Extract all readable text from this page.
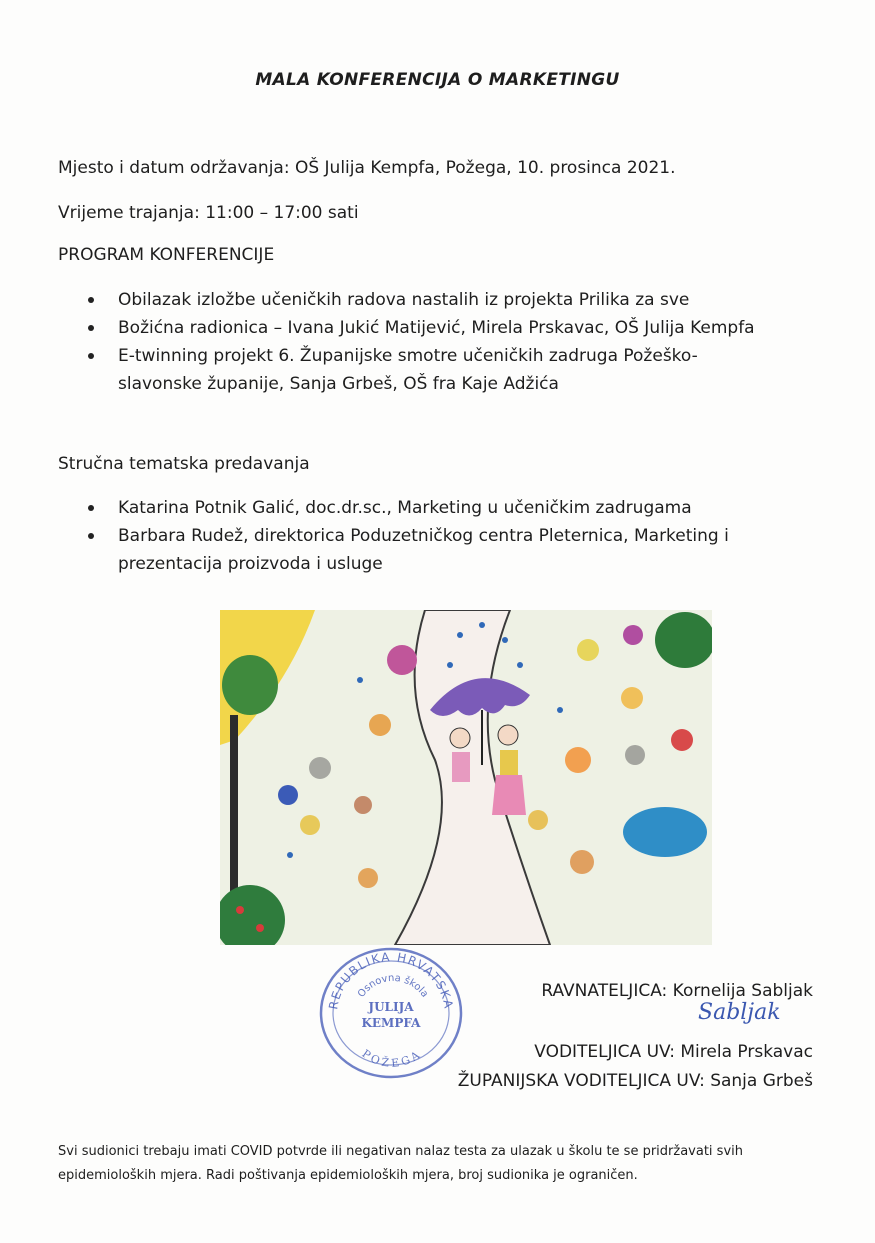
MALA KONFERENCIJA O MARKETINGU

Mjesto i datum održavanja: OŠ Julija Kempfa, Požega, 10. prosinca 2021.

Vrijeme trajanja: 11:00 – 17:00 sati

PROGRAM KONFERENCIJE

Obilazak izložbe učeničkih radova nastalih iz projekta Prilika za sve
Božićna radionica – Ivana Jukić Matijević, Mirela Prskavac, OŠ Julija Kempfa
E-twinning projekt 6. Županijske smotre učeničkih zadruga Požeško-slavonske županije, Sanja Grbeš, OŠ fra Kaje Adžića

Stručna tematska predavanja

Katarina Potnik Galić, doc.dr.sc., Marketing u učeničkim zadrugama
Barbara Rudež, direktorica Poduzetničkog centra Pleternica, Marketing i prezentacija proizvoda i usluge
REPUBLIKA HRVATSKA
Osnovna škola
JULIJA
KEMPFA
POŽEGA
RAVNATELJICA: Kornelija Sabljak
Sabljak
VODITELJICA UV: Mirela Prskavac
ŽUPANIJSKA VODITELJICA UV: Sanja Grbeš

Svi sudionici trebaju imati COVID potvrde ili negativan nalaz testa za ulazak u školu te se pridržavati svih epidemioloških mjera. Radi poštivanja epidemioloških mjera, broj sudionika je ograničen.
